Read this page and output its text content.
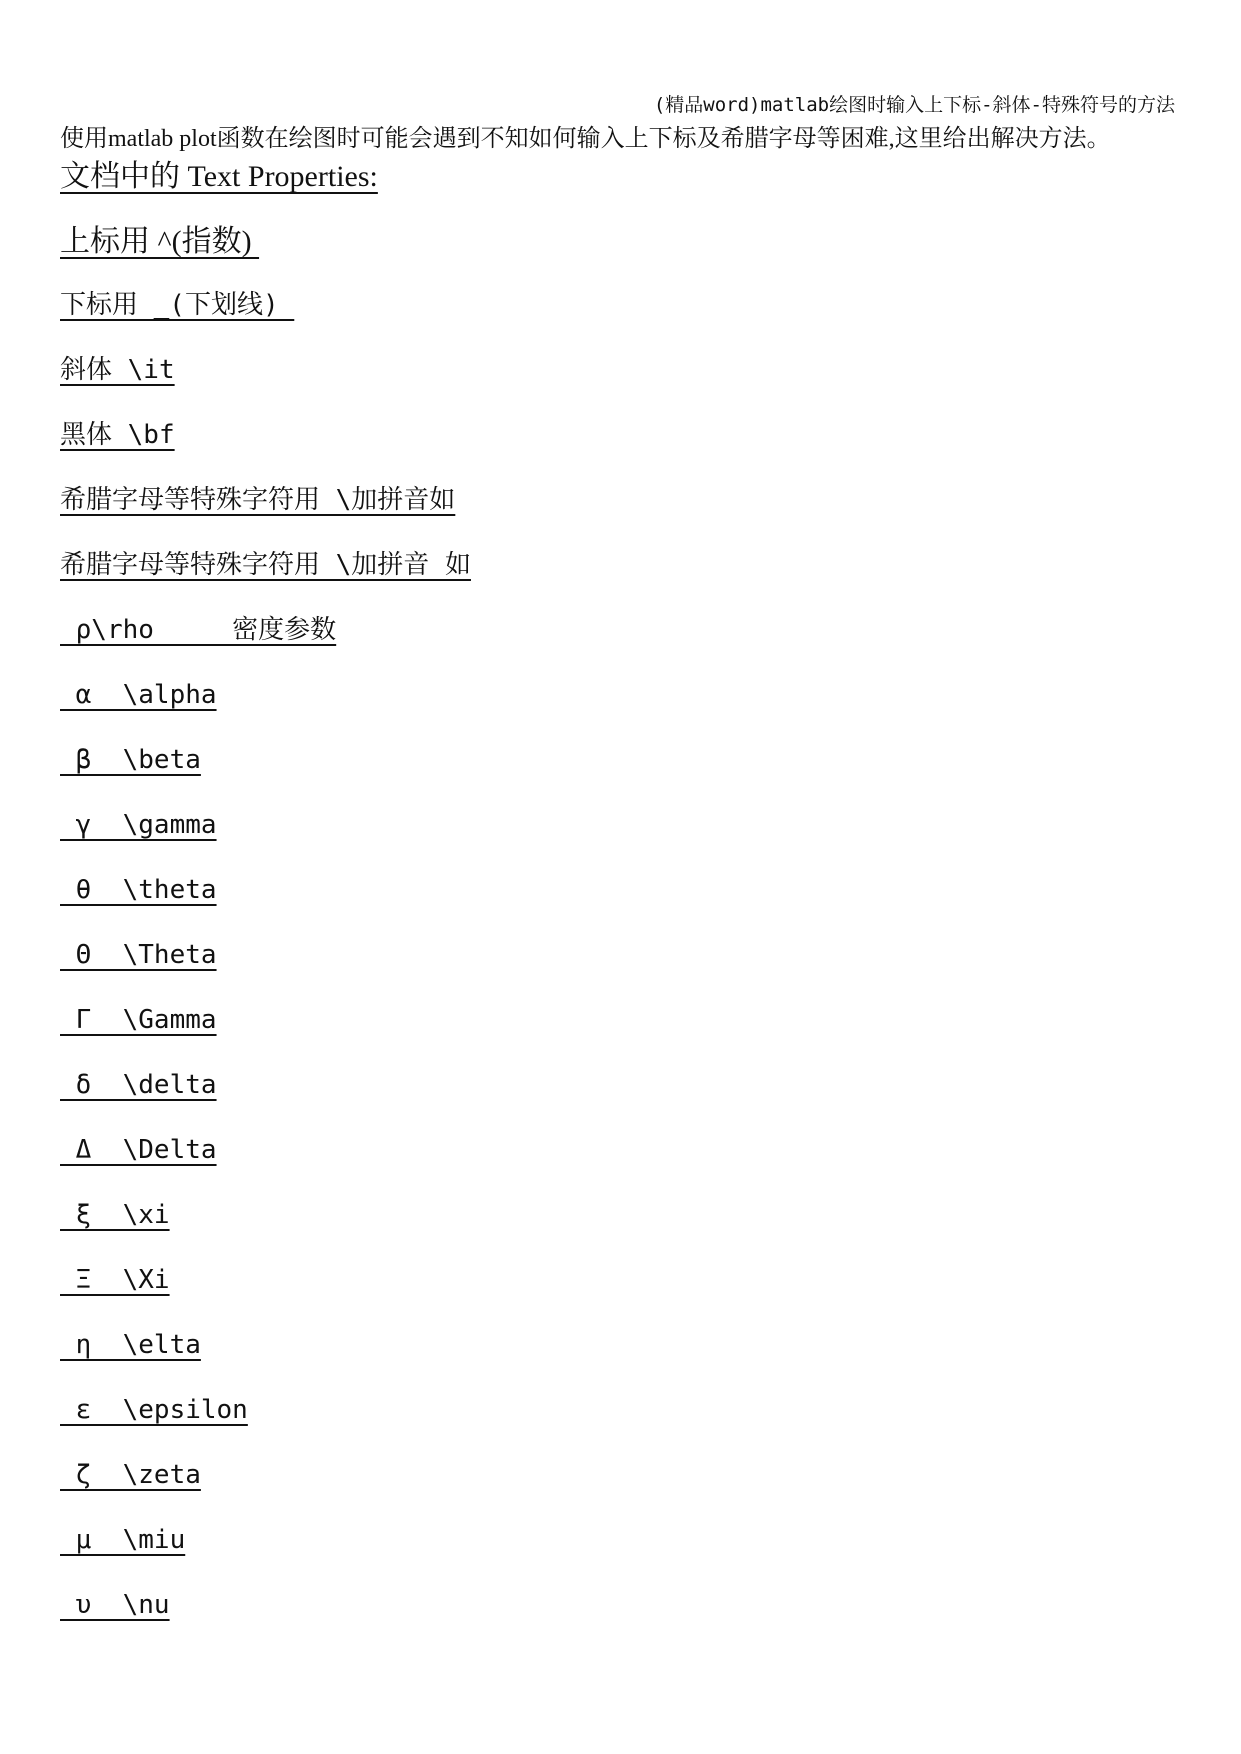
(精品word)matlab绘图时输入上下标-斜体-特殊符号的方法
使用matlab plot函数在绘图时可能会遇到不知如何输入上下标及希腊字母等困难,这里给出解决方法。
文档中的 Text Properties:
上标用 ^(指数)
下标用 _(下划线)
斜体 \it
黑体 \bf
希腊字母等特殊字符用 \加拼音如
希腊字母等特殊字符用 \加拼音 如
ρ\rho     密度参数
α  \alpha
β  \beta
γ  \gamma
θ  \theta
Θ  \Theta
Γ  \Gamma
δ  \delta
Δ  \Delta
ξ  \xi
Ξ  \Xi
η  \elta
ε  \epsilon
ζ  \zeta
μ  \miu
υ  \nu
